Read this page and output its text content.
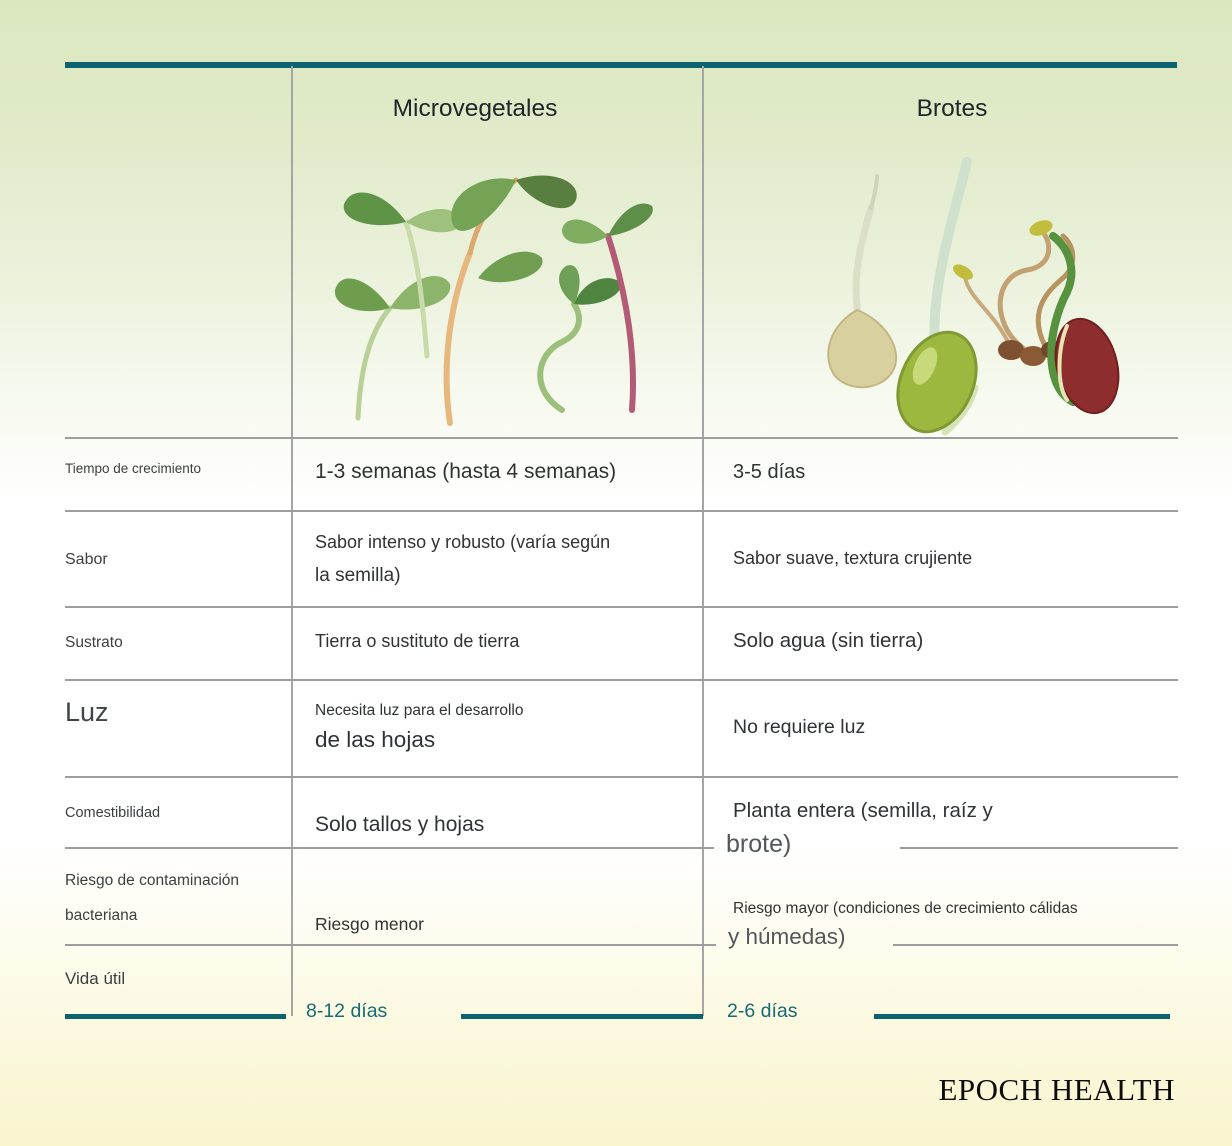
Microvegetales	Brotes
Tiempo de crecimiento
Sabor
Sustrato
Luz
Comestibilidad
Riesgo de contaminación
bacteriana
Vida útil
1-3 semanas (hasta 4 semanas)
Sabor intenso y robusto (varía según
la semilla)
Tierra o sustituto de tierra
Necesita luz para el desarrollo
de las hojas
Solo tallos y hojas
Riesgo menor
8-12 días
3-5 días
Sabor suave, textura crujiente
Solo agua (sin tierra)
No requiere luz
Planta entera (semilla, raíz y
brote)
Riesgo mayor (condiciones de crecimiento cálidas
y húmedas)
2-6 días
EPOCH HEALTH
